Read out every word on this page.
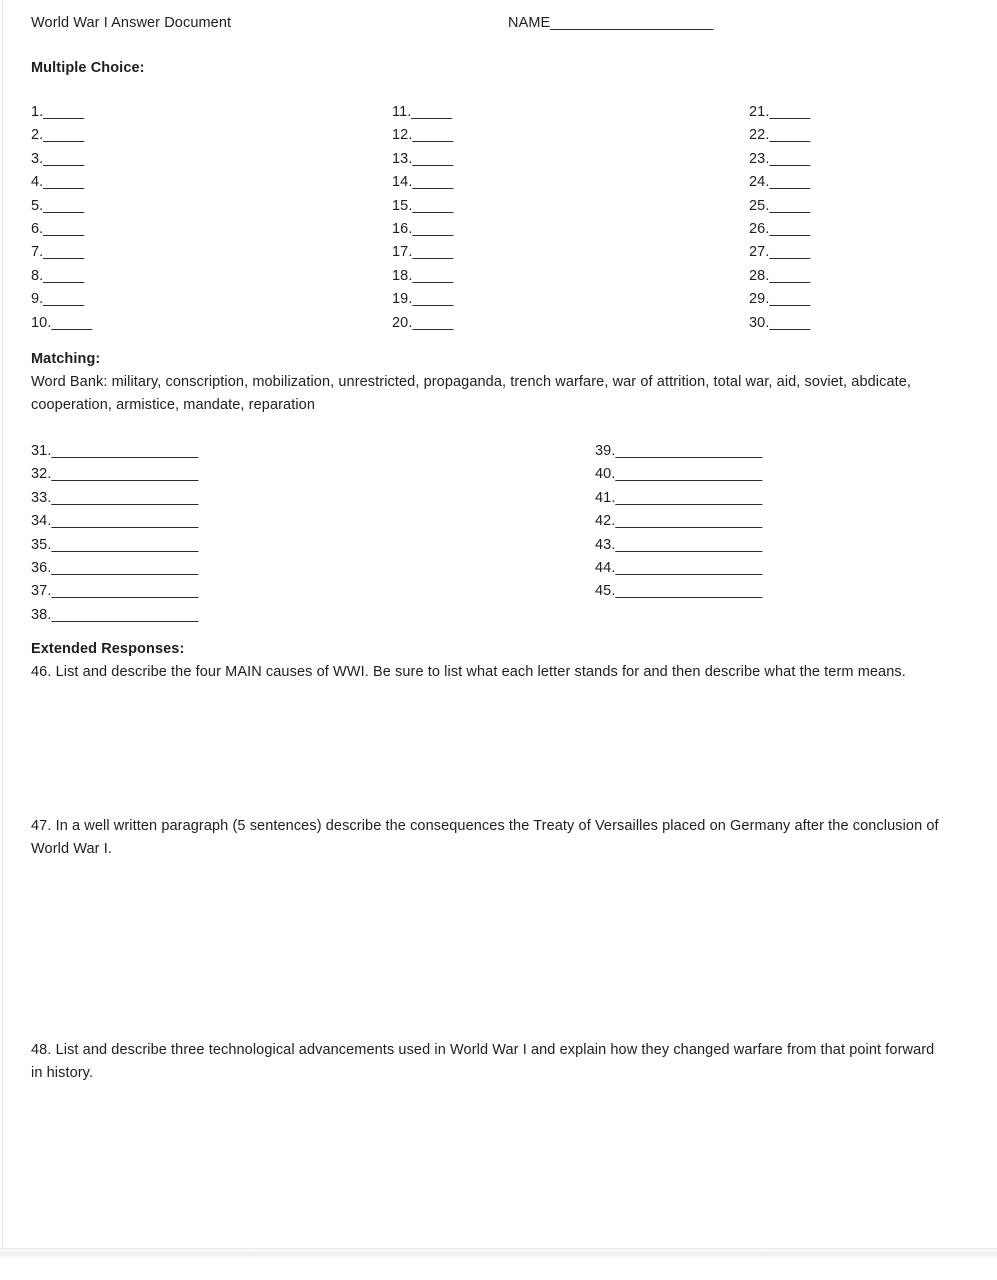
World War I Answer Document	NAME____________________
Multiple Choice:
1._____
2._____
3._____
4._____
5._____
6._____
7._____
8._____
9._____
10._____
11._____
12._____
13._____
14._____
15._____
16._____
17._____
18._____
19._____
20._____
21._____
22._____
23._____
24._____
25._____
26._____
27._____
28._____
29._____
30._____
Matching:
Word Bank: military, conscription, mobilization, unrestricted, propaganda, trench warfare, war of attrition, total war, aid, soviet, abdicate, cooperation, armistice, mandate, reparation
31.__________________
32.__________________
33.__________________
34.__________________
35.__________________
36.__________________
37.__________________
38.__________________
39.__________________
40.__________________
41.__________________
42.__________________
43.__________________
44.__________________
45.__________________
Extended Responses:
46. List and describe the four MAIN causes of WWI. Be sure to list what each letter stands for and then describe what the term means.
47. In a well written paragraph (5 sentences) describe the consequences the Treaty of Versailles placed on Germany after the conclusion of World War I.
48. List and describe three technological advancements used in World War I and explain how they changed warfare from that point forward in history.
